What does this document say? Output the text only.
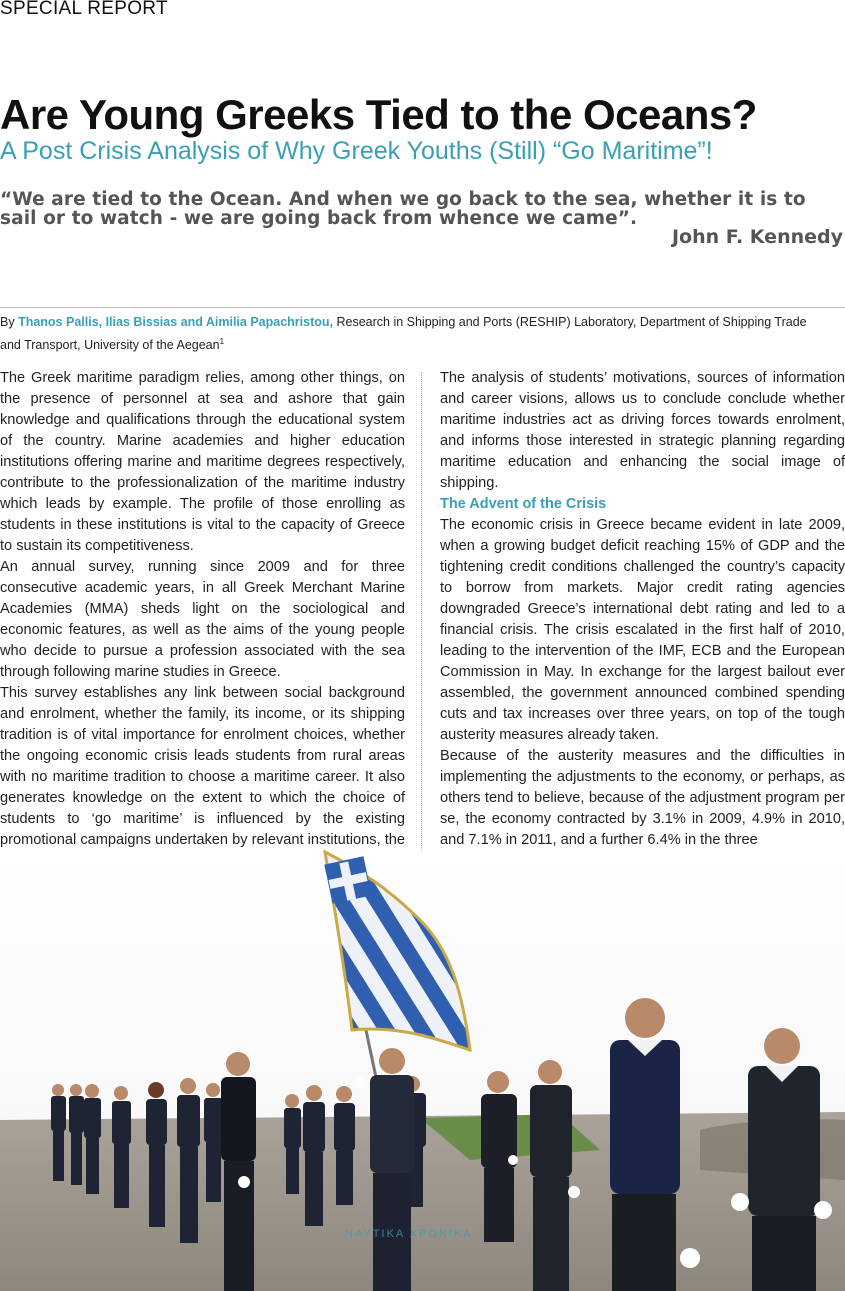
SPECIAL REPORT
Are Young Greeks Tied to the Oceans?
A Post Crisis Analysis of Why Greek Youths (Still) “Go Maritime”!
“We are tied to the Ocean. And when we go back to the sea, whether it is to sail or to watch - we are going back from whence we came”.
John F. Kennedy
By Thanos Pallis, Ilias Bissias and Aimilia Papachristou, Research in Shipping and Ports (RESHIP) Laboratory, Department of Shipping Trade and Transport, University of the Aegean$^1$

The Greek maritime paradigm relies, among other things, on the presence of personnel at sea and ashore that gain knowledge and qualifications through the educational system of the country. Marine academies and higher education institutions offering marine and maritime degrees respectively, contribute to the professionalization of the maritime industry which leads by example. The profile of those enrolling as students in these institutions is vital to the capacity of Greece to sustain its competitiveness.

An annual survey, running since 2009 and for three consecutive academic years, in all Greek Merchant Marine Academies (MMA) sheds light on the sociological and economic features, as well as the aims of the young people who decide to pursue a profession associated with the sea through following marine studies in Greece.

This survey establishes any link between social background and enrolment, whether the family, its income, or its shipping tradition is of vital importance for enrolment choices, whether the ongoing economic crisis leads students from rural areas with no maritime tradition to choose a maritime career. It also generates knowledge on the extent to which the choice of students to ‘go maritime’ is influenced by the existing promotional campaigns undertaken by relevant institutions, the

The analysis of students’ motivations, sources of information and career visions, allows us to conclude conclude whether maritime industries act as driving forces towards enrolment, and informs those interested in strategic planning regarding maritime education and enhancing the social image of shipping.

The Advent of the Crisis

The economic crisis in Greece became evident in late 2009, when a growing budget deficit reaching 15% of GDP and the tightening credit conditions challenged the country’s capacity to borrow from markets. Major credit rating agencies downgraded Greece’s international debt rating and led to a financial crisis. The crisis escalated in the first half of 2010, leading to the intervention of the IMF, ECB and the European Commission in May. In exchange for the largest bailout ever assembled, the government announced combined spending cuts and tax increases over three years, on top of the tough austerity measures already taken.

Because of the austerity measures and the difficulties in implementing the adjustments to the economy, or perhaps, as others tend to believe, because of the adjustment program per se, the economy contracted by 3.1% in 2009, 4.9% in 2010, and 7.1% in 2011, and a further 6.4% in the three

NAYTIKA XPONIKA
